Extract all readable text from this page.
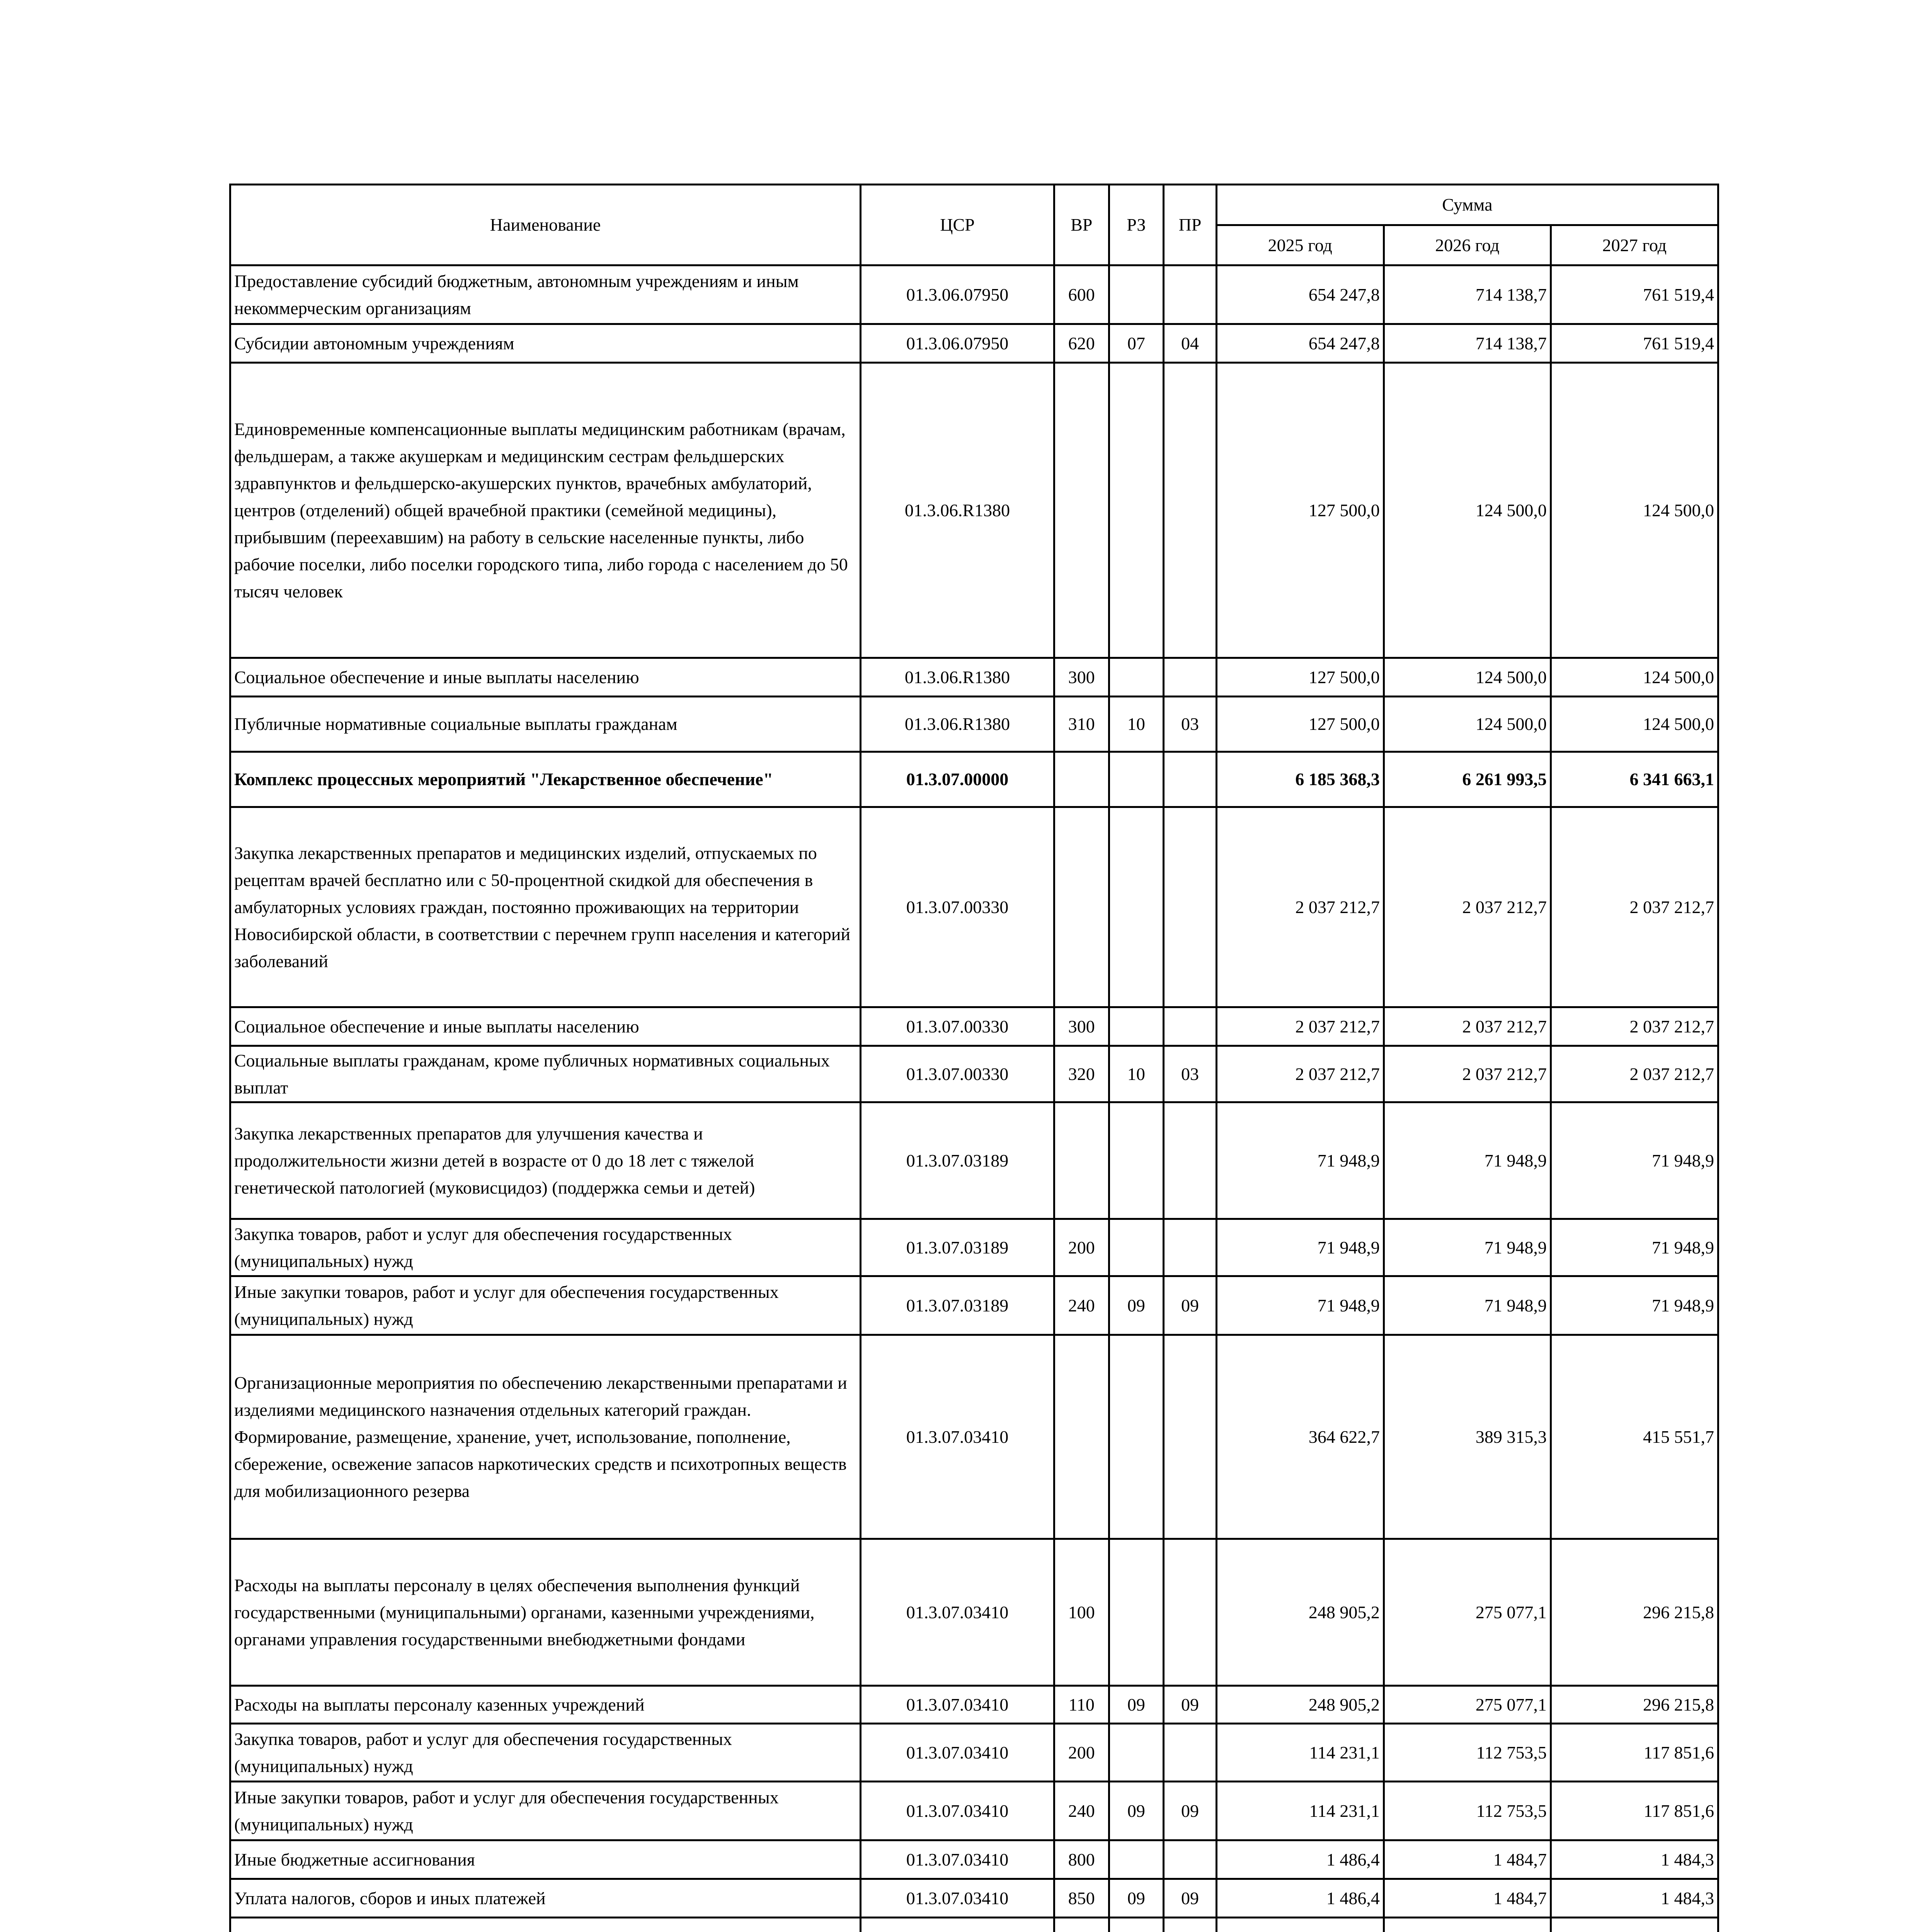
Наименование	ЦСР	ВР	РЗ	ПР	Сумма		
					2025 год	2026 год	2027 год
Предоставление субсидий бюджетным, автономным учреждениям и иным некоммерческим организациям	01.3.06.07950	600			654 247,8	714 138,7	761 519,4
Субсидии автономным учреждениям	01.3.06.07950	620	07	04	654 247,8	714 138,7	761 519,4
Единовременные компенсационные выплаты медицинским работникам (врачам, фельдшерам, а также акушеркам и медицинским сестрам фельдшерских здравпунктов и фельдшерско-акушерских пунктов, врачебных амбулаторий, центров (отделений) общей врачебной практики (семейной медицины), прибывшим (переехавшим) на работу в сельские населенные пункты, либо рабочие поселки, либо поселки городского типа, либо города с населением до 50 тысяч человек	01.3.06.R1380				127 500,0	124 500,0	124 500,0
Социальное обеспечение и иные выплаты населению	01.3.06.R1380	300			127 500,0	124 500,0	124 500,0
Публичные нормативные социальные выплаты гражданам	01.3.06.R1380	310	10	03	127 500,0	124 500,0	124 500,0
Комплекс процессных мероприятий "Лекарственное обеспечение"	01.3.07.00000				6 185 368,3	6 261 993,5	6 341 663,1
Закупка лекарственных препаратов и медицинских изделий, отпускаемых по рецептам врачей бесплатно или с 50-процентной скидкой для обеспечения в амбулаторных условиях граждан, постоянно проживающих на территории Новосибирской области, в соответствии с перечнем групп населения и категорий заболеваний	01.3.07.00330				2 037 212,7	2 037 212,7	2 037 212,7
Социальное обеспечение и иные выплаты населению	01.3.07.00330	300			2 037 212,7	2 037 212,7	2 037 212,7
Социальные выплаты гражданам, кроме публичных нормативных социальных выплат	01.3.07.00330	320	10	03	2 037 212,7	2 037 212,7	2 037 212,7
Закупка лекарственных препаратов для улучшения качества и продолжительности жизни детей в возрасте от 0 до 18 лет с тяжелой генетической патологией (муковисцидоз) (поддержка семьи и детей)	01.3.07.03189				71 948,9	71 948,9	71 948,9
Закупка товаров, работ и услуг для обеспечения государственных (муниципальных) нужд	01.3.07.03189	200			71 948,9	71 948,9	71 948,9
Иные закупки товаров, работ и услуг для обеспечения государственных (муниципальных) нужд	01.3.07.03189	240	09	09	71 948,9	71 948,9	71 948,9
Организационные мероприятия по обеспечению лекарственными препаратами и изделиями медицинского назначения отдельных категорий граждан. Формирование, размещение, хранение, учет, использование, пополнение, сбережение, освежение запасов наркотических средств и психотропных веществ для мобилизационного резерва	01.3.07.03410				364 622,7	389 315,3	415 551,7
Расходы на выплаты персоналу в целях обеспечения выполнения функций государственными (муниципальными) органами, казенными учреждениями, органами управления государственными внебюджетными фондами	01.3.07.03410	100			248 905,2	275 077,1	296 215,8
Расходы на выплаты персоналу казенных учреждений	01.3.07.03410	110	09	09	248 905,2	275 077,1	296 215,8
Закупка товаров, работ и услуг для обеспечения государственных (муниципальных) нужд	01.3.07.03410	200			114 231,1	112 753,5	117 851,6
Иные закупки товаров, работ и услуг для обеспечения государственных (муниципальных) нужд	01.3.07.03410	240	09	09	114 231,1	112 753,5	117 851,6
Иные бюджетные ассигнования	01.3.07.03410	800			1 486,4	1 484,7	1 484,3
Уплата налогов, сборов и иных платежей	01.3.07.03410	850	09	09	1 486,4	1 484,7	1 484,3
